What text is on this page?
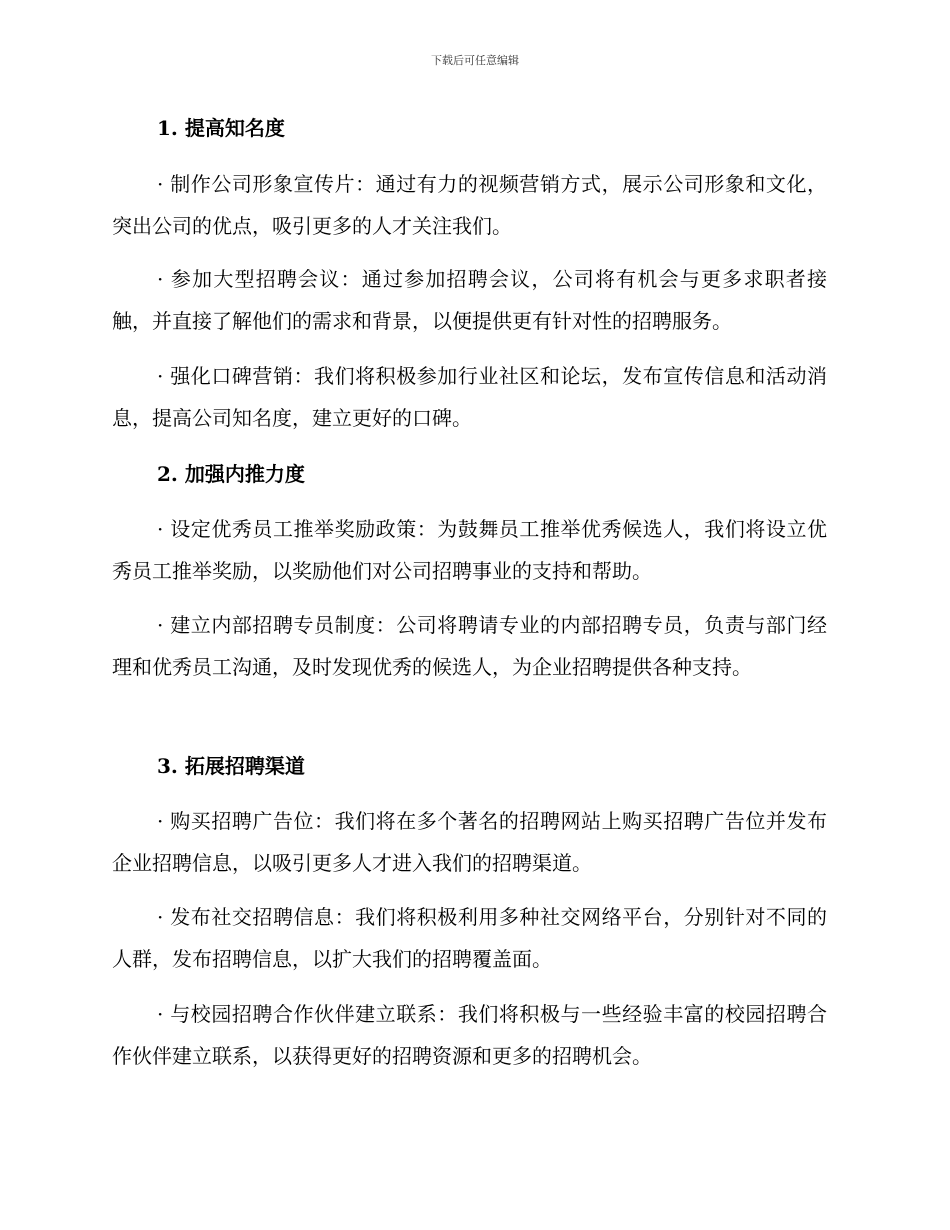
下载后可任意编辑
1. 提高知名度
· 制作公司形象宣传片：通过有力的视频营销方式，展示公司形象和文化，突出公司的优点，吸引更多的人才关注我们。
· 参加大型招聘会议：通过参加招聘会议，公司将有机会与更多求职者接触，并直接了解他们的需求和背景，以便提供更有针对性的招聘服务。
· 强化口碑营销：我们将积极参加行业社区和论坛，发布宣传信息和活动消息，提高公司知名度，建立更好的口碑。
2. 加强内推力度
· 设定优秀员工推举奖励政策：为鼓舞员工推举优秀候选人，我们将设立优秀员工推举奖励，以奖励他们对公司招聘事业的支持和帮助。
· 建立内部招聘专员制度：公司将聘请专业的内部招聘专员，负责与部门经理和优秀员工沟通，及时发现优秀的候选人，为企业招聘提供各种支持。
3. 拓展招聘渠道
· 购买招聘广告位：我们将在多个著名的招聘网站上购买招聘广告位并发布企业招聘信息，以吸引更多人才进入我们的招聘渠道。
· 发布社交招聘信息：我们将积极利用多种社交网络平台，分别针对不同的人群，发布招聘信息，以扩大我们的招聘覆盖面。
· 与校园招聘合作伙伴建立联系：我们将积极与一些经验丰富的校园招聘合作伙伴建立联系，以获得更好的招聘资源和更多的招聘机会。
